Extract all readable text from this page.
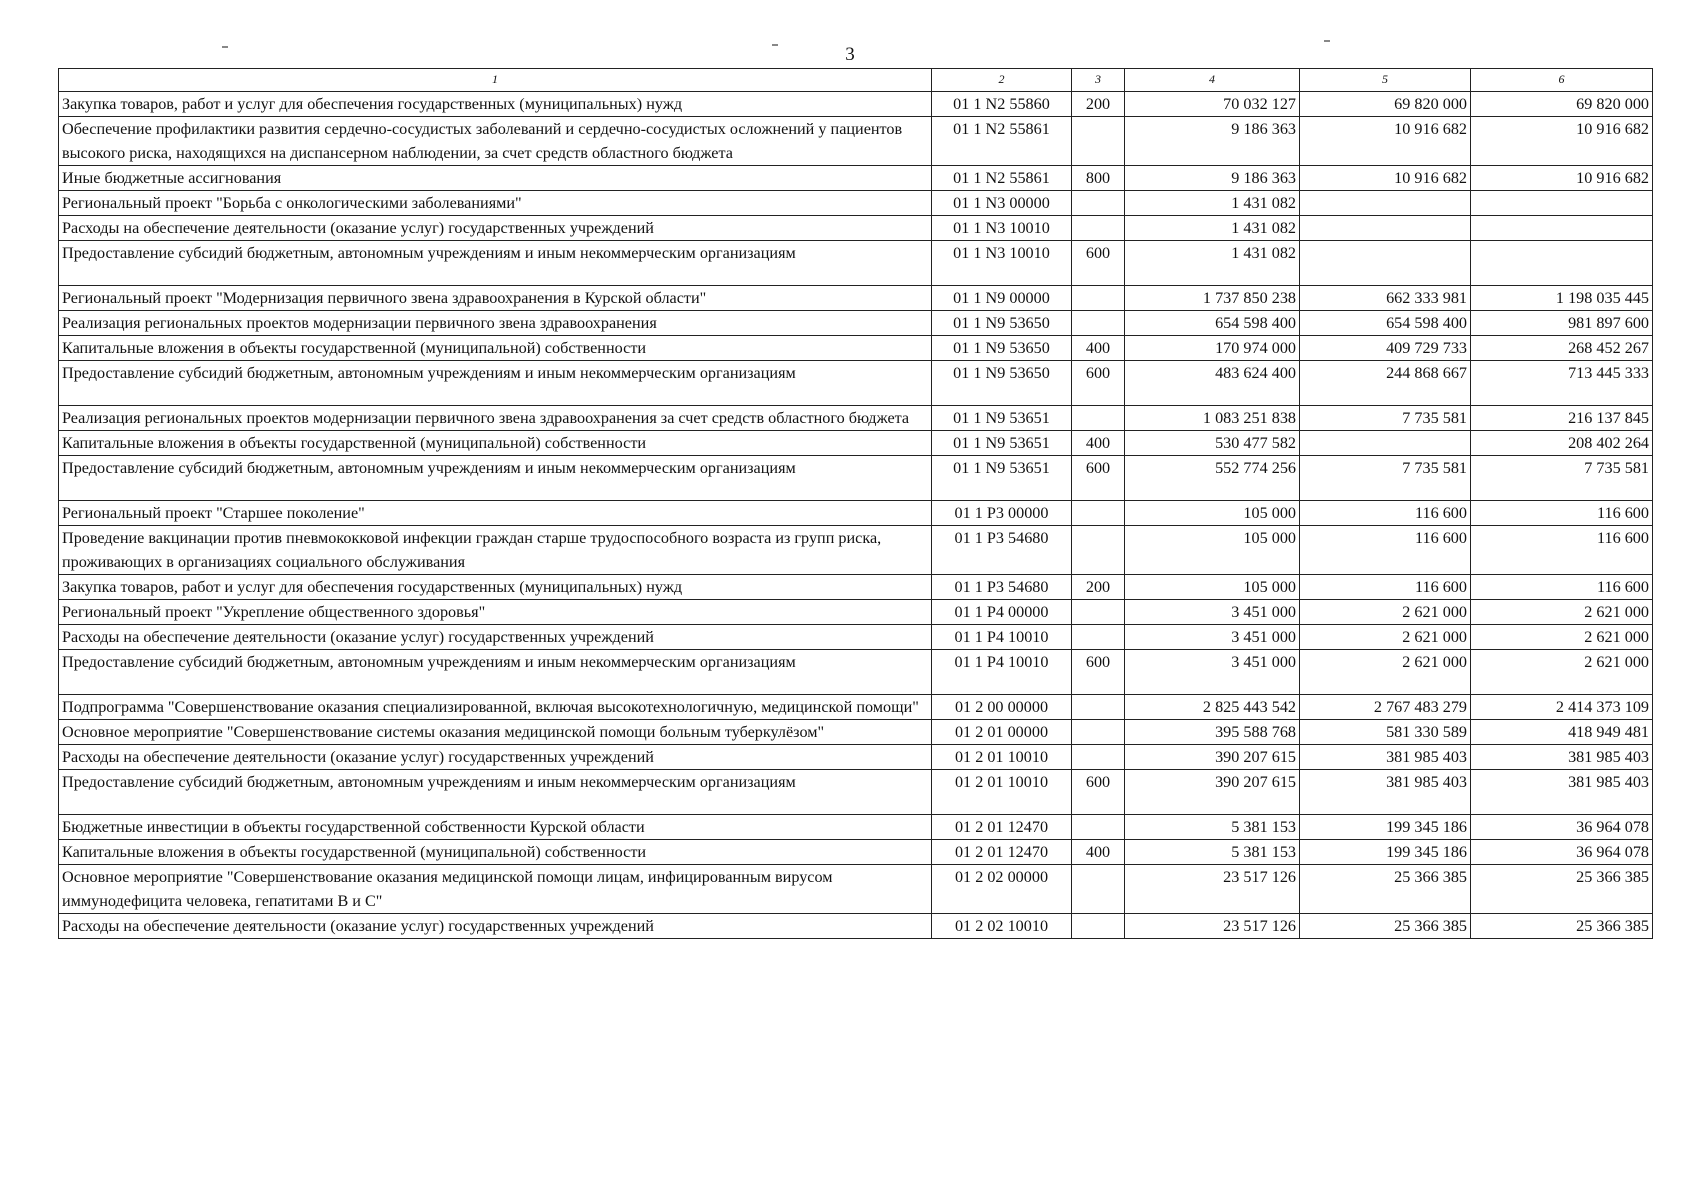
3
1	2	3	4	5	6
Закупка товаров, работ и услуг для обеспечения государственных (муниципальных) нужд	01 1 N2 55860	200	70 032 127	69 820 000	69 820 000
Обеспечение профилактики развития сердечно-сосудистых заболеваний и сердечно-сосудистых осложнений у пациентов высокого риска, находящихся на диспансерном наблюдении, за счет средств областного бюджета	01 1 N2 55861		9 186 363	10 916 682	10 916 682
Иные бюджетные ассигнования	01 1 N2 55861	800	9 186 363	10 916 682	10 916 682
Региональный проект "Борьба с онкологическими заболеваниями"	01 1 N3 00000		1 431 082		
Расходы на обеспечение деятельности (оказание услуг) государственных учреждений	01 1 N3 10010		1 431 082		
Предоставление субсидий бюджетным, автономным учреждениям и иным некоммерческим организациям	01 1 N3 10010	600	1 431 082		
Региональный проект "Модернизация первичного звена здравоохранения в Курской области"	01 1 N9 00000		1 737 850 238	662 333 981	1 198 035 445
Реализация региональных проектов модернизации первичного звена здравоохранения	01 1 N9 53650		654 598 400	654 598 400	981 897 600
Капитальные вложения в объекты государственной (муниципальной) собственности	01 1 N9 53650	400	170 974 000	409 729 733	268 452 267
Предоставление субсидий бюджетным, автономным учреждениям и иным некоммерческим организациям	01 1 N9 53650	600	483 624 400	244 868 667	713 445 333
Реализация региональных проектов модернизации первичного звена здравоохранения за счет средств областного бюджета	01 1 N9 53651		1 083 251 838	7 735 581	216 137 845
Капитальные вложения в объекты государственной (муниципальной) собственности	01 1 N9 53651	400	530 477 582		208 402 264
Предоставление субсидий бюджетным, автономным учреждениям и иным некоммерческим организациям	01 1 N9 53651	600	552 774 256	7 735 581	7 735 581
Региональный проект "Старшее поколение"	01 1 P3 00000		105 000	116 600	116 600
Проведение вакцинации против пневмококковой инфекции граждан старше трудоспособного возраста из групп риска, проживающих в организациях социального обслуживания	01 1 P3 54680		105 000	116 600	116 600
Закупка товаров, работ и услуг для обеспечения государственных (муниципальных) нужд	01 1 P3 54680	200	105 000	116 600	116 600
Региональный проект "Укрепление общественного здоровья"	01 1 P4 00000		3 451 000	2 621 000	2 621 000
Расходы на обеспечение деятельности (оказание услуг) государственных учреждений	01 1 P4 10010		3 451 000	2 621 000	2 621 000
Предоставление субсидий бюджетным, автономным учреждениям и иным некоммерческим организациям	01 1 P4 10010	600	3 451 000	2 621 000	2 621 000
Подпрограмма "Совершенствование оказания специализированной, включая высокотехнологичную, медицинской помощи"	01 2 00 00000		2 825 443 542	2 767 483 279	2 414 373 109
Основное мероприятие "Совершенствование системы оказания медицинской помощи больным туберкулёзом"	01 2 01 00000		395 588 768	581 330 589	418 949 481
Расходы на обеспечение деятельности (оказание услуг) государственных учреждений	01 2 01 10010		390 207 615	381 985 403	381 985 403
Предоставление субсидий бюджетным, автономным учреждениям и иным некоммерческим организациям	01 2 01 10010	600	390 207 615	381 985 403	381 985 403
Бюджетные инвестиции в объекты государственной собственности Курской области	01 2 01 12470		5 381 153	199 345 186	36 964 078
Капитальные вложения в объекты государственной (муниципальной) собственности	01 2 01 12470	400	5 381 153	199 345 186	36 964 078
Основное мероприятие "Совершенствование оказания медицинской помощи лицам, инфицированным вирусом иммунодефицита человека, гепатитами В и С"	01 2 02 00000		23 517 126	25 366 385	25 366 385
Расходы на обеспечение деятельности (оказание услуг) государственных учреждений	01 2 02 10010		23 517 126	25 366 385	25 366 385
